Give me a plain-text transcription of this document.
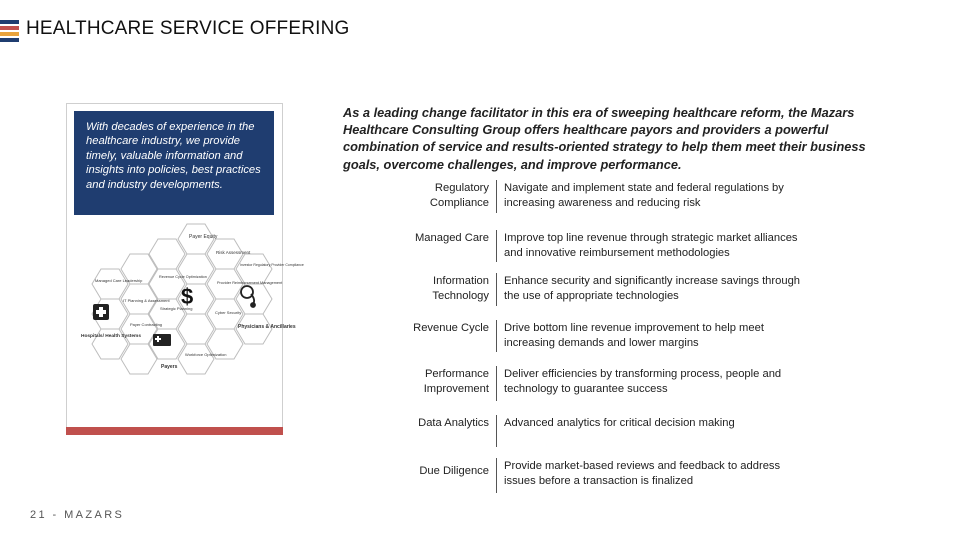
HEALTHCARE SERVICE OFFERING
With decades of experience in the healthcare industry, we provide timely, valuable information and insights into policies, best practices and industry developments.
Payer Equity
Risk Assessment
Investor Regulatory Provider Compliance
Managed Care Leadership
IT Planning & Assessment
Revenue Cycle Optimization
Provider Reimbursement Management
Physicians & Ancillaries
Hospitals/ Health Systems
Payers
Cyber Security
Strategic Planning
Payer Contracting
Workforce Optimization
$
As a leading change facilitator in this era of sweeping healthcare reform, the Mazars Healthcare Consulting Group offers healthcare payors and providers a powerful combination of service and results-oriented strategy to help them meet their business goals, overcome challenges, and improve performance.
Regulatory
Compliance
Navigate and implement state and federal regulations by increasing awareness and reducing risk
Managed Care Improve top line revenue through strategic market alliances and innovative reimbursement methodologies
Information
Technology
Enhance security and significantly increase savings through the use of appropriate technologies
Revenue Cycle Drive bottom line revenue improvement to help meet increasing demands and lower margins
Performance
Improvement
Deliver efficiencies by transforming process, people and technology to guarantee success
Data Analytics Advanced analytics for critical decision making
Due Diligence Provide market-based reviews and feedback to address issues before a transaction is finalized
21 - MAZARS
